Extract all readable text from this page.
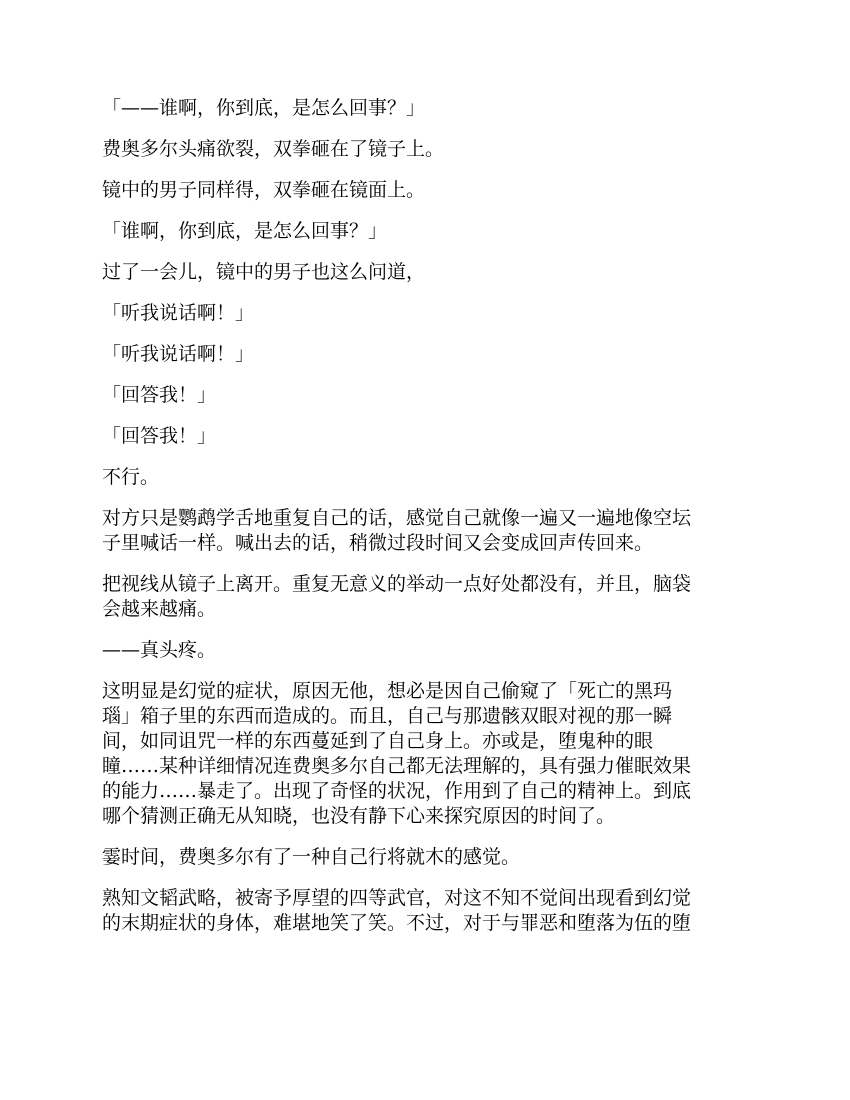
「——谁啊，你到底，是怎么回事？」

费奥多尔头痛欲裂，双拳砸在了镜子上。

镜中的男子同样得，双拳砸在镜面上。

「谁啊，你到底，是怎么回事？」

过了一会儿，镜中的男子也这么问道，

「听我说话啊！」

「听我说话啊！」

「回答我！」

「回答我！」

不行。

对方只是鹦鹉学舌地重复自己的话，感觉自己就像一遍又一遍地像空坛
子里喊话一样。喊出去的话，稍微过段时间又会变成回声传回来。

把视线从镜子上离开。重复无意义的举动一点好处都没有，并且，脑袋
会越来越痛。

——真头疼。

这明显是幻觉的症状，原因无他，想必是因自己偷窥了「死亡的黑玛
瑙」箱子里的东西而造成的。而且，自己与那遗骸双眼对视的那一瞬
间，如同诅咒一样的东西蔓延到了自己身上。亦或是，堕鬼种的眼
瞳……某种详细情况连费奥多尔自己都无法理解的，具有强力催眠效果
的能力……暴走了。出现了奇怪的状况，作用到了自己的精神上。到底
哪个猜测正确无从知晓，也没有静下心来探究原因的时间了。

霎时间，费奥多尔有了一种自己行将就木的感觉。

熟知文韬武略，被寄予厚望的四等武官，对这不知不觉间出现看到幻觉
的末期症状的身体，难堪地笑了笑。不过，对于与罪恶和堕落为伍的堕
